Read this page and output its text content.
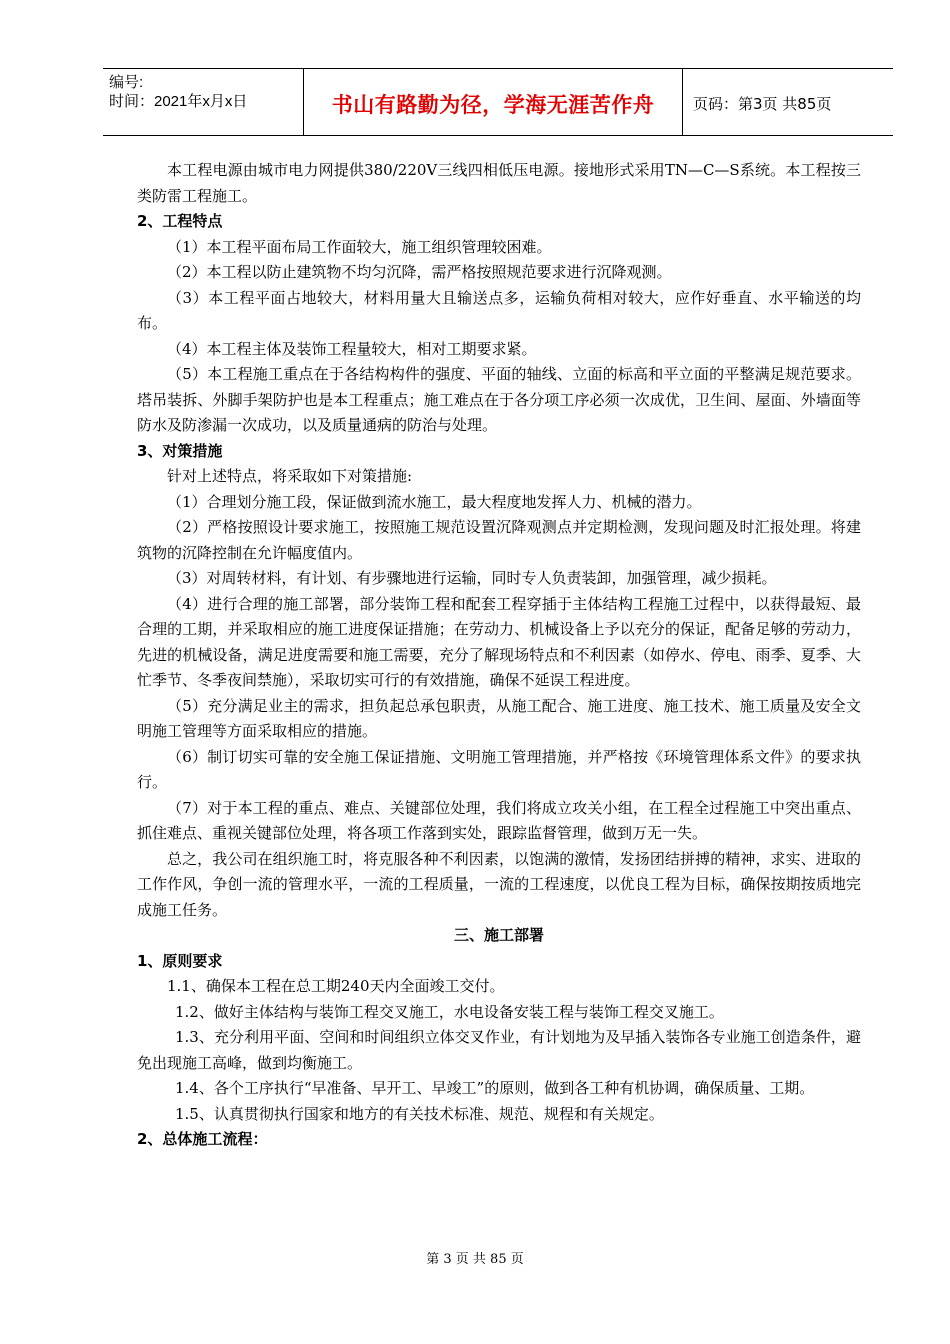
编号:
时间：2021年x月x日	书山有路勤为径，学海无涯苦作舟	页码：第3页 共85页

本工程电源由城市电力网提供380/220V三线四相低压电源。接地形式采用TN—C—S系统。本工程按三类防雷工程施工。

2、工程特点

（1）本工程平面布局工作面较大，施工组织管理较困难。

（2）本工程以防止建筑物不均匀沉降，需严格按照规范要求进行沉降观测。

（3）本工程平面占地较大，材料用量大且输送点多，运输负荷相对较大，应作好垂直、水平输送的均布。

（4）本工程主体及装饰工程量较大，相对工期要求紧。

（5）本工程施工重点在于各结构构件的强度、平面的轴线、立面的标高和平立面的平整满足规范要求。 塔吊装拆、外脚手架防护也是本工程重点；施工难点在于各分项工序必须一次成优，卫生间、屋面、外墙面等防水及防渗漏一次成功，以及质量通病的防治与处理。

3、对策措施

针对上述特点，将采取如下对策措施:

（1）合理划分施工段，保证做到流水施工，最大程度地发挥人力、机械的潜力。

（2）严格按照设计要求施工，按照施工规范设置沉降观测点并定期检测，发现问题及时汇报处理。将建筑物的沉降控制在允许幅度值内。

（3）对周转材料，有计划、有步骤地进行运输，同时专人负责装卸，加强管理，减少损耗。

（4）进行合理的施工部署，部分装饰工程和配套工程穿插于主体结构工程施工过程中，以获得最短、最合理的工期，并采取相应的施工进度保证措施；在劳动力、机械设备上予以充分的保证，配备足够的劳动力，先进的机械设备，满足进度需要和施工需要，充分了解现场特点和不利因素（如停水、停电、雨季、夏季、大忙季节、冬季夜间禁施），采取切实可行的有效措施，确保不延误工程进度。

（5）充分满足业主的需求，担负起总承包职责，从施工配合、施工进度、施工技术、施工质量及安全文明施工管理等方面采取相应的措施。

（6）制订切实可靠的安全施工保证措施、文明施工管理措施，并严格按《环境管理体系文件》的要求执行。

（7）对于本工程的重点、难点、关键部位处理，我们将成立攻关小组，在工程全过程施工中突出重点、抓住难点、重视关键部位处理，将各项工作落到实处，跟踪监督管理，做到万无一失。

总之，我公司在组织施工时，将克服各种不利因素，以饱满的激情，发扬团结拼搏的精神，求实、进取的工作作风，争创一流的管理水平，一流的工程质量，一流的工程速度，以优良工程为目标，确保按期按质地完成施工任务。

三、施工部署

1、原则要求

1.1、确保本工程在总工期240天内全面竣工交付。

1.2、做好主体结构与装饰工程交叉施工，水电设备安装工程与装饰工程交叉施工。

1.3、充分利用平面、空间和时间组织立体交叉作业，有计划地为及早插入装饰各专业施工创造条件，避免出现施工高峰，做到均衡施工。

1.4、各个工序执行“早准备、早开工、早竣工”的原则，做到各工种有机协调，确保质量、工期。

1.5、认真贯彻执行国家和地方的有关技术标准、规范、规程和有关规定。

2、总体施工流程：

第 3 页 共 85 页
